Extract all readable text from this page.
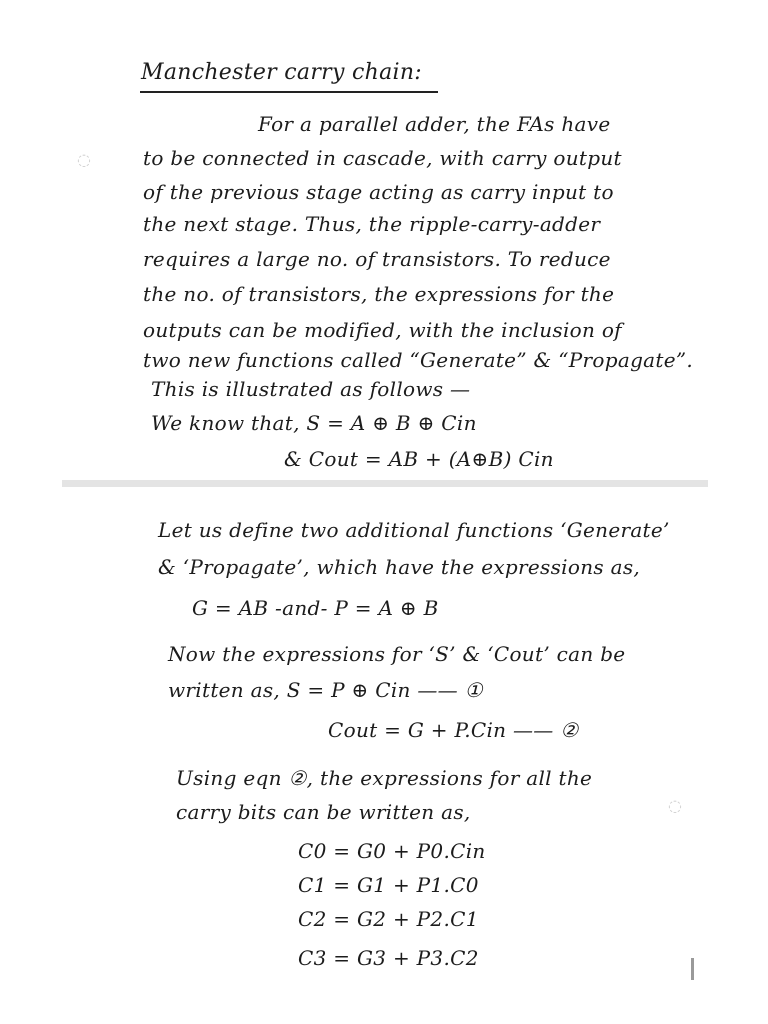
Manchester carry chain:
For a parallel adder, the FAs have
to be connected in cascade, with carry output
of the previous stage acting as carry input to
the next stage. Thus, the ripple-carry-adder
requires a large no. of transistors. To reduce
the no. of transistors, the expressions for the
outputs can be modified, with the inclusion of
two new functions called “Generate” & “Propagate”.
This is illustrated as follows —
We know that, S = A ⊕ B ⊕ Cin
& Cout = AB + (A⊕B) Cin
◌
Let us define two additional functions ‘Generate’
& ‘Propagate’, which have the expressions as,
G = AB -and- P = A ⊕ B
Now the expressions for ‘S’ & ‘Cout’ can be
written as, S = P ⊕ Cin —— ①
Cout = G + P.Cin —— ②
Using eqn ②, the expressions for all the
carry bits can be written as,
C0 = G0 + P0.Cin
C1 = G1 + P1.C0
C2 = G2 + P2.C1
C3 = G3 + P3.C2
◌
